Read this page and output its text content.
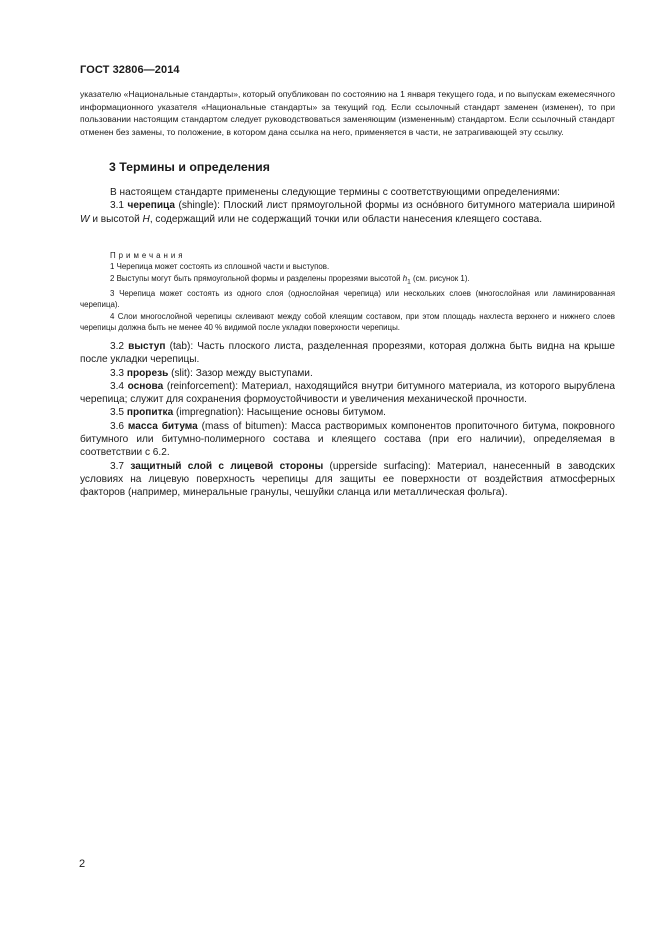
ГОСТ 32806—2014
указателю «Национальные стандарты», который опубликован по состоянию на 1 января текущего года, и по выпускам ежемесячного информационного указателя «Национальные стандарты» за текущий год. Если ссылочный стандарт заменен (изменен), то при пользовании настоящим стандартом следует руководствоваться заменяющим (измененным) стандартом. Если ссылочный стандарт отменен без замены, то положение, в котором дана ссылка на него, применяется в части, не затрагивающей эту ссылку.
3 Термины и определения

В настоящем стандарте применены следующие термины с соответствующими определениями:

3.1 черепица (shingle): Плоский лист прямоугольной формы из оснóвного битумного материала шириной W и высотой H, содержащий или не содержащий точки или области нанесения клеящего состава.

Примечания

1 Черепица может состоять из сплошной части и выступов.

2 Выступы могут быть прямоугольной формы и разделены прорезями высотой $h_1$ (см. рисунок 1).

3 Черепица может состоять из одного слоя (однослойная черепица) или нескольких слоев (многослойная или ламинированная черепица).

4 Слои многослойной черепицы склеивают между собой клеящим составом, при этом площадь нахлеста верхнего и нижнего слоев черепицы должна быть не менее 40 % видимой после укладки поверхности черепицы.

3.2 выступ (tab): Часть плоского листа, разделенная прорезями, которая должна быть видна на крыше после укладки черепицы.

3.3 прорезь (slit): Зазор между выступами.

3.4 основа (reinforcement): Материал, находящийся внутри битумного материала, из которого вырублена черепица; служит для сохранения формоустойчивости и увеличения механической прочности.

3.5 пропитка (impregnation): Насыщение основы битумом.

3.6 масса битума (mass of bitumen): Масса растворимых компонентов пропиточного битума, покровного битумного или битумно-полимерного состава и клеящего состава (при его наличии), определяемая в соответствии с 6.2.

3.7 защитный слой с лицевой стороны (upperside surfacing): Материал, нанесенный в заводских условиях на лицевую поверхность черепицы для защиты ее поверхности от воздействия атмосферных факторов (например, минеральные гранулы, чешуйки сланца или металлическая фольга).

2
